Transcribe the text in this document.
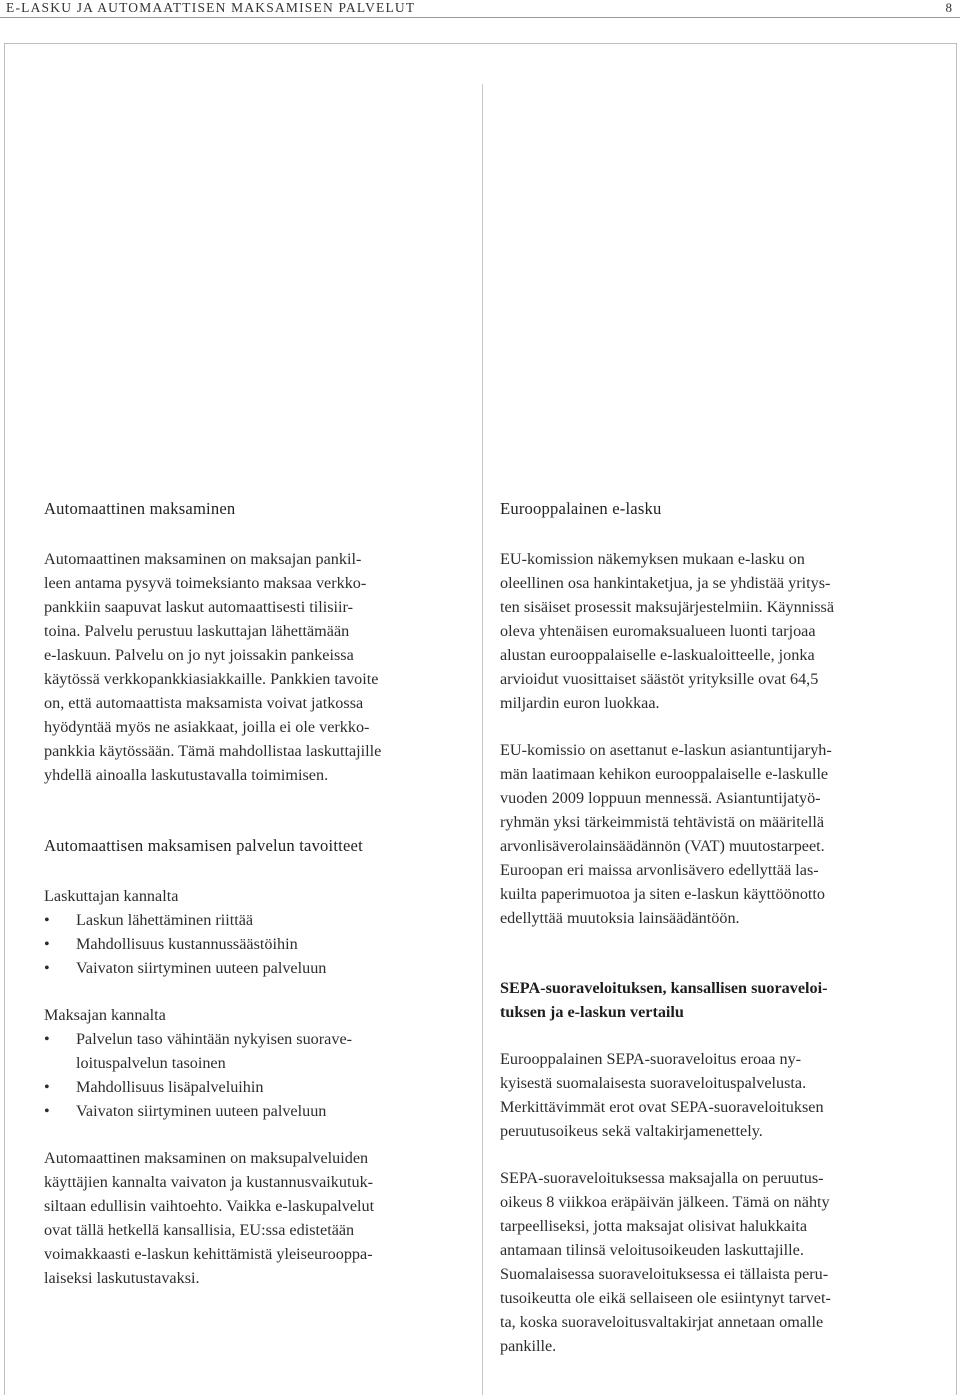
E-LASKU JA AUTOMAATTISEN MAKSAMISEN PALVELUT	8
Automaattinen maksaminen
Automaattinen maksaminen on maksajan pankil-
leen antama pysyvä toimeksianto maksaa verkko-
pankkiin saapuvat laskut automaattisesti tilisiir-
toina. Palvelu perustuu laskuttajan lähettämään
e-laskuun. Palvelu on jo nyt joissakin pankeissa
käytössä verkkopankkiasiakkaille. Pankkien tavoite
on, että automaattista maksamista voivat jatkossa
hyödyntää myös ne asiakkaat, joilla ei ole verkko-
pankkia käytössään. Tämä mahdollistaa laskuttajille
yhdellä ainoalla laskutustavalla toimimisen.
Automaattisen maksamisen palvelun tavoitteet
Laskuttajan kannalta
• Laskun lähettäminen riittää
• Mahdollisuus kustannussäästöihin
• Vaivaton siirtyminen uuteen palveluun
Maksajan kannalta
• Palvelun taso vähintään nykyisen suoravе-
loituspalvelun tasoinen
• Mahdollisuus lisäpalveluihin
• Vaivaton siirtyminen uuteen palveluun
Automaattinen maksaminen on maksupalveluiden
käyttäjien kannalta vaivaton ja kustannusvaikutuk-
siltaan edullisin vaihtoehto. Vaikka e-laskupalvelut
ovat tällä hetkellä kansallisia, EU:ssa edistetään
voimakkaasti e-laskun kehittämistä yleiseurooppa-
laiseksi laskutustavaksi.
Eurooppalainen e-lasku
EU-komission näkemyksen mukaan e-lasku on
oleellinen osa hankintaketjua, ja se yhdistää yritys-
ten sisäiset prosessit maksujärjestelmiin. Käynnissä
oleva yhtenäisen euromaksualueen luonti tarjoaa
alustan eurooppalaiselle e-laskualoitteelle, jonka
arvioidut vuosittaiset säästöt yrityksille ovat 64,5
miljardin euron luokkaa.
EU-komissio on asettanut e-laskun asiantuntijaryh-
män laatimaan kehikon eurooppalaiselle e-laskulle
vuoden 2009 loppuun mennessä. Asiantuntijatyö-
ryhmän yksi tärkeimmistä tehtävistä on määritellä
arvonlisäverolainsäädännön (VAT) muutostarpeet.
Euroopan eri maissa arvonlisävero edellyttää las-
kuilta paperimuotoa ja siten e-laskun käyttöönotto
edellyttää muutoksia lainsäädäntöön.
SEPA-suoraveloituksen, kansallisen suoraveloi-
tuksen ja e-laskun vertailu
Eurooppalainen SEPA-suoraveloitus eroaa ny-
kyisestä suomalaisesta suoraveloituspalvelusta.
Merkittävimmät erot ovat SEPA-suoraveloituksen
peruutusoikeus sekä valtakirjamenettely.
SEPA-suoraveloituksessa maksajalla on peruutus-
oikeus 8 viikkoa eräpäivän jälkeen. Tämä on nähty
tarpeelliseksi, jotta maksajat olisivat halukkaita
antamaan tilinsä veloitusoikeuden laskuttajille.
Suomalaisessa suoraveloituksessa ei tällaista peru-
tusoikeutta ole eikä sellaiseen ole esiintynyt tarvet-
ta, koska suoraveloitusvaltakirjat annetaan omalle
pankille.
